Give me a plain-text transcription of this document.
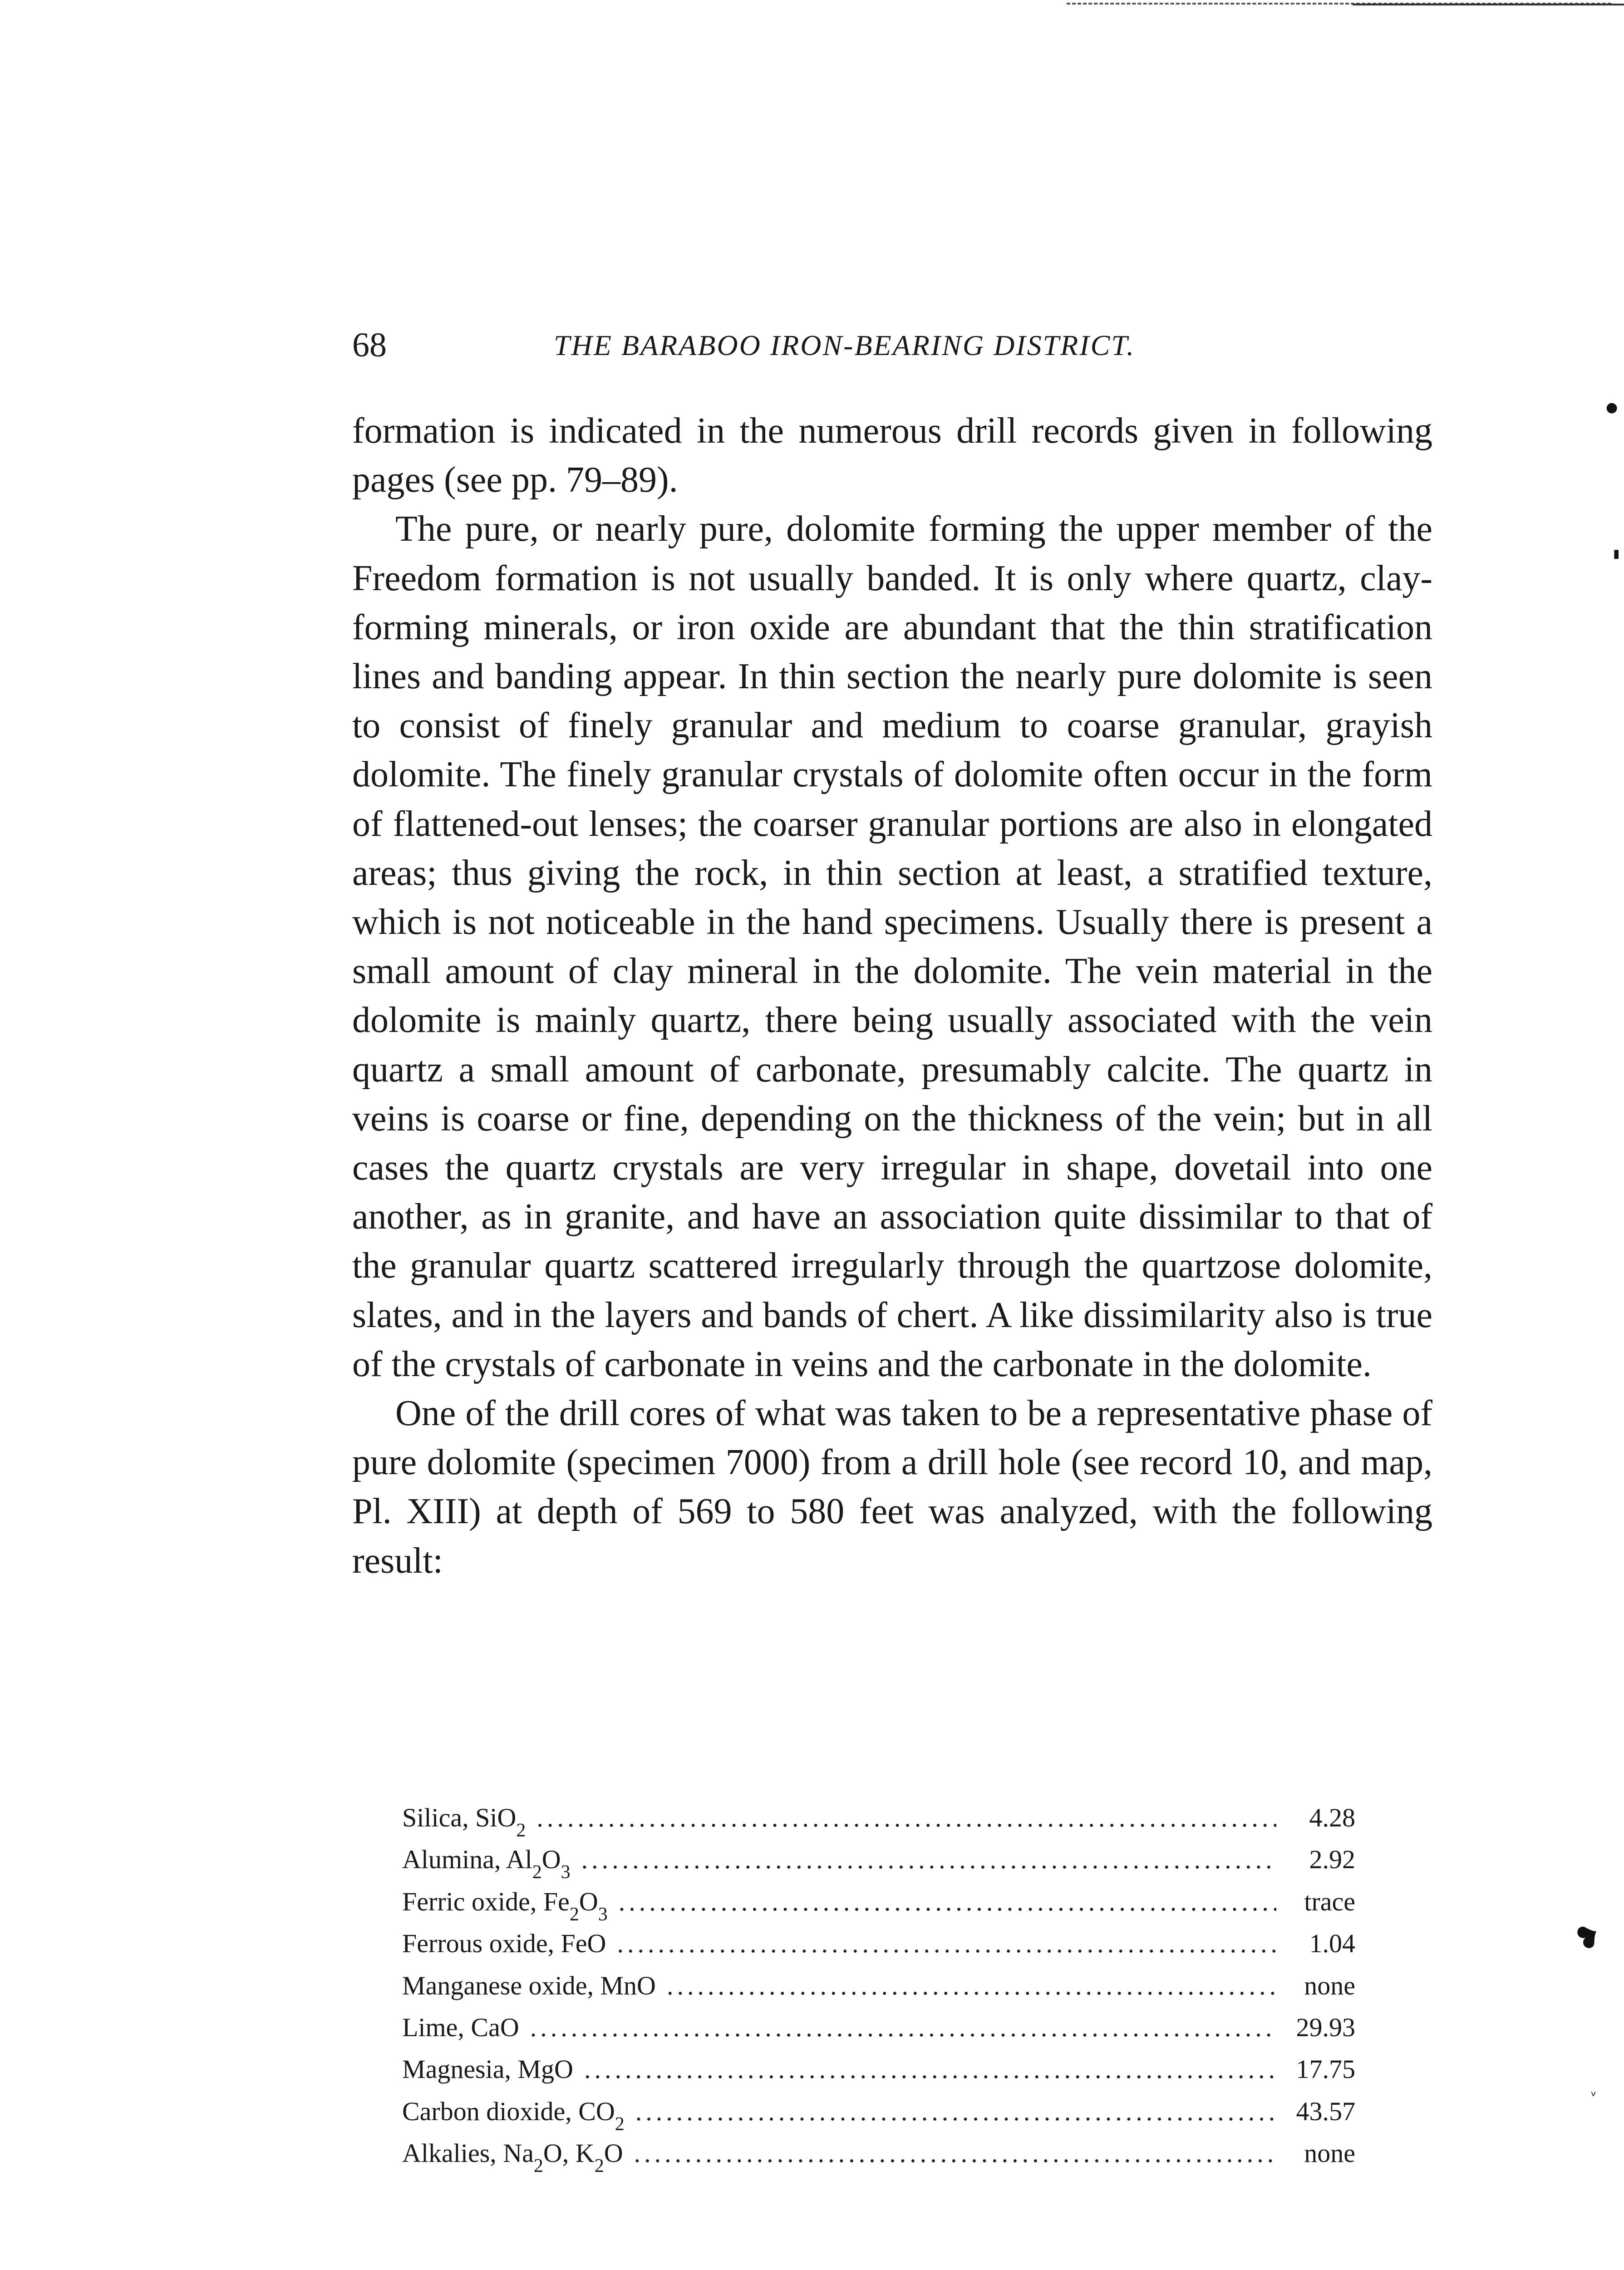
68	THE BARABOO IRON-BEARING DISTRICT.

formation is indicated in the numerous drill records given in following pages (see pp. 79–89).

The pure, or nearly pure, dolomite forming the upper member of the Freedom formation is not usually banded. It is only where quartz, clay-forming minerals, or iron oxide are abundant that the thin stratification lines and banding appear. In thin section the nearly pure dolomite is seen to consist of finely granular and medium to coarse granular, grayish dolomite. The finely granular crystals of dolomite often occur in the form of flattened-out lenses; the coarser granular portions are also in elongated areas; thus giving the rock, in thin section at least, a stratified texture, which is not noticeable in the hand specimens. Usually there is present a small amount of clay mineral in the dolomite. The vein material in the dolomite is mainly quartz, there being usually associated with the vein quartz a small amount of carbonate, presumably calcite. The quartz in veins is coarse or fine, depending on the thickness of the vein; but in all cases the quartz crystals are very irregular in shape, dovetail into one another, as in granite, and have an association quite dissimilar to that of the granular quartz scattered irregularly through the quartzose dolomite, slates, and in the layers and bands of chert. A like dissimilarity also is true of the crystals of carbonate in veins and the carbonate in the dolomite.

One of the drill cores of what was taken to be a representative phase of pure dolomite (specimen 7000) from a drill hole (see record 10, and map, Pl. XIII) at depth of 569 to 580 feet was analyzed, with the following result:

Silica, SiO$_2$ .....	4.28
Alumina, $Al_2O_3$ .....	2.92
Ferric oxide, $Fe_2O_3$ .....	trace
Ferrous oxide, FeO .....	1.04
Manganese oxide, MnO .....	none
Lime, CaO .....	29.93
Magnesia, MgO .....	17.75
Carbon dioxide, $CO_2$ .....	43.57
Alkalies, $Na_2O$, $K_2O$ .....	none
●
▮
❥
ᵛ
